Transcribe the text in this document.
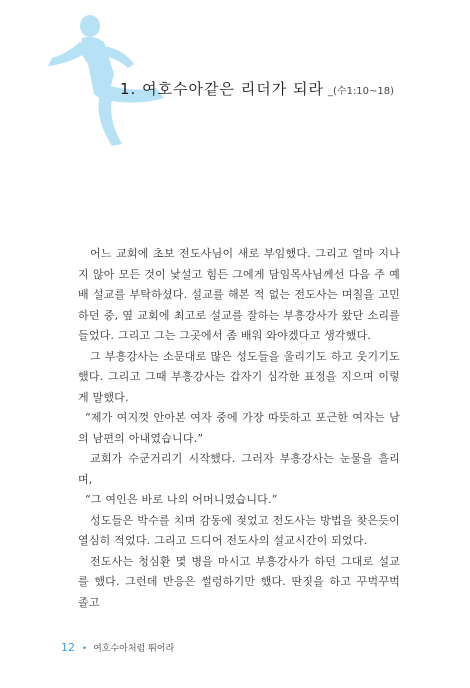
1. 여호수아같은 리더가 되라 _(수1:10~18)

어느 교회에 초보 전도사님이 새로 부임했다. 그리고 얼마 지나지 않아 모든 것이 낯설고 힘든 그에게 담임목사님께선 다음 주 예배 설교를 부탁하셨다. 설교를 해본 적 없는 전도사는 며칠을 고민하던 중, 옆 교회에 최고로 설교를 잘하는 부흥강사가 왔단 소리를 들었다. 그리고 그는 그곳에서 좀 배워 와야겠다고 생각했다.

그 부흥강사는 소문대로 많은 성도들을 울리기도 하고 웃기기도 했다. 그리고 그때 부흥강사는 갑자기 심각한 표정을 지으며 이렇게 말했다.

“제가 여지껏 안아본 여자 중에 가장 따뜻하고 포근한 여자는 남의 남편의 아내였습니다.”

교회가 수군거리기 시작했다. 그러자 부흥강사는 눈물을 흘리며,

“그 여인은 바로 나의 어머니였습니다.”

성도들은 박수를 치며 감동에 젖었고 전도사는 방법을 찾은듯이 열심히 적었다. 그리고 드디어 전도사의 설교시간이 되었다.

전도사는 청심환 몇 병을 마시고 부흥강사가 하던 그대로 설교를 했다. 그런데 반응은 썰렁하기만 했다. 딴짓을 하고 꾸벅꾸벅 졸고

12 • 여호수아처럼 뛰어라
